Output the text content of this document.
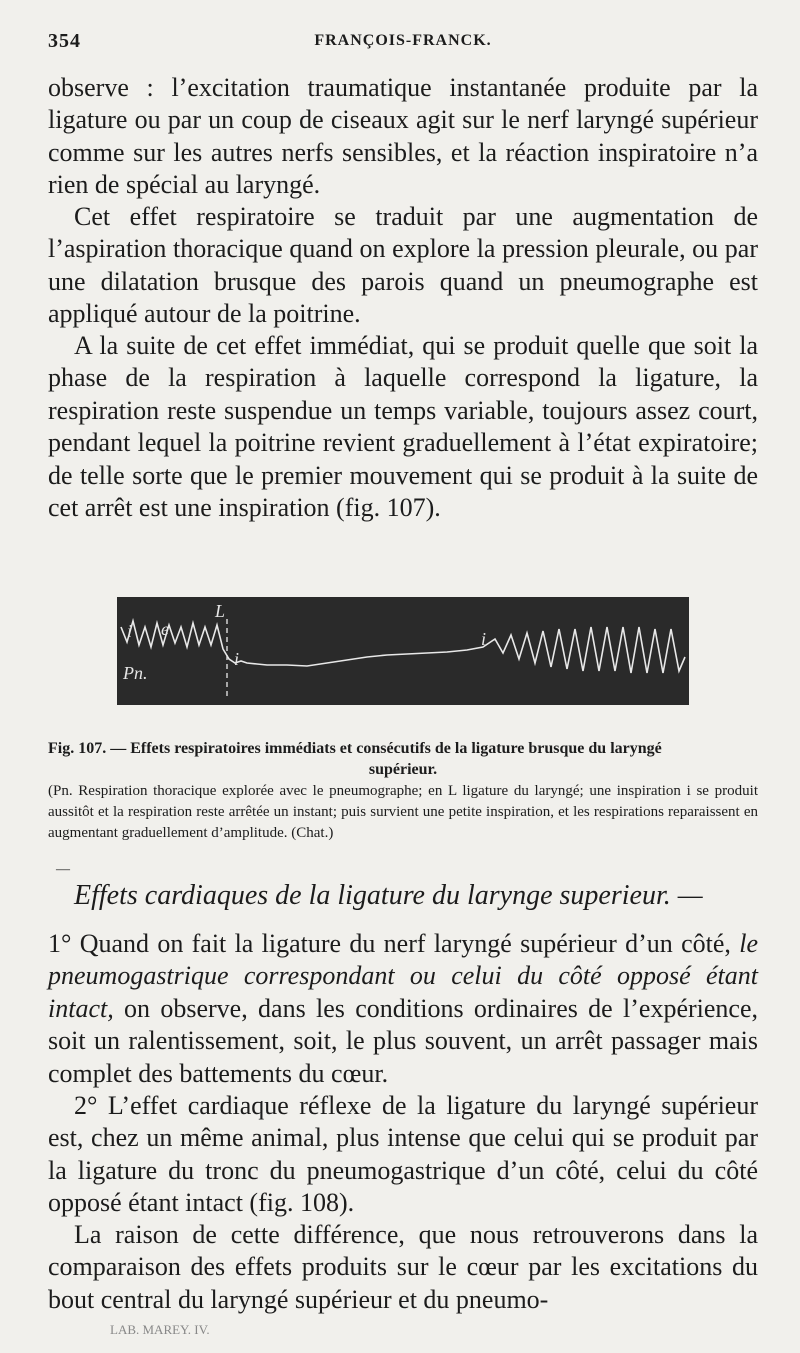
354	FRANÇOIS-FRANCK.
observe : l’excitation traumatique instantanée produite par la ligature ou par un coup de ciseaux agit sur le nerf laryngé supérieur comme sur les autres nerfs sensibles, et la réaction inspiratoire n’a rien de spécial au laryngé.
Cet effet respiratoire se traduit par une augmentation de l’aspiration thoracique quand on explore la pression pleurale, ou par une dilatation brusque des parois quand un pneumographe est appliqué autour de la poitrine.
A la suite de cet effet immédiat, qui se produit quelle que soit la phase de la respiration à laquelle correspond la ligature, la respiration reste suspendue un temps variable, toujours assez court, pendant lequel la poitrine revient graduellement à l’état expiratoire; de telle sorte que le premier mouvement qui se produit à la suite de cet arrêt est une inspiration (fig. 107).
i e
L
i
i
Pn.
Fig. 107. — Effets respiratoires immédiats et consécutifs de la ligature brusque du laryngé
supérieur.
(Pn. Respiration thoracique explorée avec le pneumographe; en L ligature du laryngé; une inspiration i se produit aussitôt et la respiration reste arrêtée un instant; puis survient une petite inspiration, et les respirations reparaissent en augmentant graduellement d’amplitude. (Chat.)
—
Effets cardiaques de la ligature du larynge superieur. —
1° Quand on fait la ligature du nerf laryngé supérieur d’un côté, le pneumogastrique correspondant ou celui du côté opposé étant intact, on observe, dans les conditions ordinaires de l’expérience, soit un ralentissement, soit, le plus souvent, un arrêt passager mais complet des battements du cœur.
2° L’effet cardiaque réflexe de la ligature du laryngé supérieur est, chez un même animal, plus intense que celui qui se produit par la ligature du tronc du pneumogastrique d’un côté, celui du côté opposé étant intact (fig. 108).
La raison de cette différence, que nous retrouverons dans la comparaison des effets produits sur le cœur par les excitations du bout central du laryngé supérieur et du pneumo-
LAB. MAREY. IV.
